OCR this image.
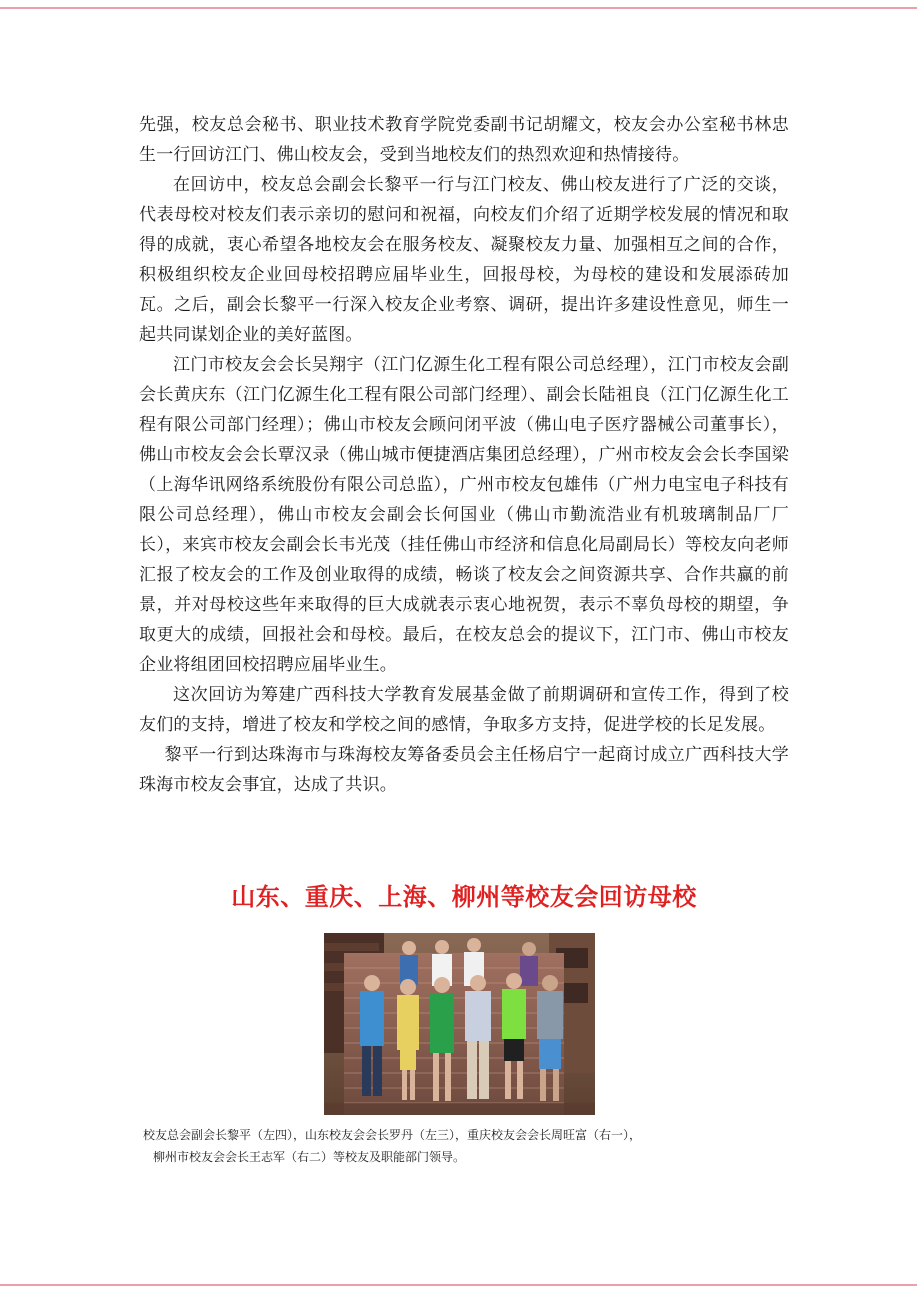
先强，校友总会秘书、职业技术教育学院党委副书记胡耀文，校友会办公室秘书林忠生一行回访江门、佛山校友会，受到当地校友们的热烈欢迎和热情接待。

在回访中，校友总会副会长黎平一行与江门校友、佛山校友进行了广泛的交谈，代表母校对校友们表示亲切的慰问和祝福，向校友们介绍了近期学校发展的情况和取得的成就，衷心希望各地校友会在服务校友、凝聚校友力量、加强相互之间的合作，积极组织校友企业回母校招聘应届毕业生，回报母校，为母校的建设和发展添砖加瓦。之后，副会长黎平一行深入校友企业考察、调研，提出许多建设性意见，师生一起共同谋划企业的美好蓝图。

江门市校友会会长吴翔宇（江门亿源生化工程有限公司总经理），江门市校友会副会长黄庆东（江门亿源生化工程有限公司部门经理）、副会长陆祖良（江门亿源生化工程有限公司部门经理）；佛山市校友会顾问闭平波（佛山电子医疗器械公司董事长），佛山市校友会会长覃汉录（佛山城市便捷酒店集团总经理），广州市校友会会长李国梁（上海华讯网络系统股份有限公司总监），广州市校友包雄伟（广州力电宝电子科技有限公司总经理），佛山市校友会副会长何国业（佛山市勤流浩业有机玻璃制品厂厂长），来宾市校友会副会长韦光茂（挂任佛山市经济和信息化局副局长）等校友向老师汇报了校友会的工作及创业取得的成绩，畅谈了校友会之间资源共享、合作共赢的前景，并对母校这些年来取得的巨大成就表示衷心地祝贺，表示不辜负母校的期望，争取更大的成绩，回报社会和母校。最后，在校友总会的提议下，江门市、佛山市校友企业将组团回校招聘应届毕业生。

这次回访为筹建广西科技大学教育发展基金做了前期调研和宣传工作，得到了校友们的支持，增进了校友和学校之间的感情，争取多方支持，促进学校的长足发展。

黎平一行到达珠海市与珠海校友筹备委员会主任杨启宁一起商讨成立广西科技大学珠海市校友会事宜，达成了共识。

山东、重庆、上海、柳州等校友会回访母校

校友总会副会长黎平（左四），山东校友会会长罗丹（左三），重庆校友会会长周旺富（右一），

柳州市校友会会长王志军（右二）等校友及职能部门领导。
